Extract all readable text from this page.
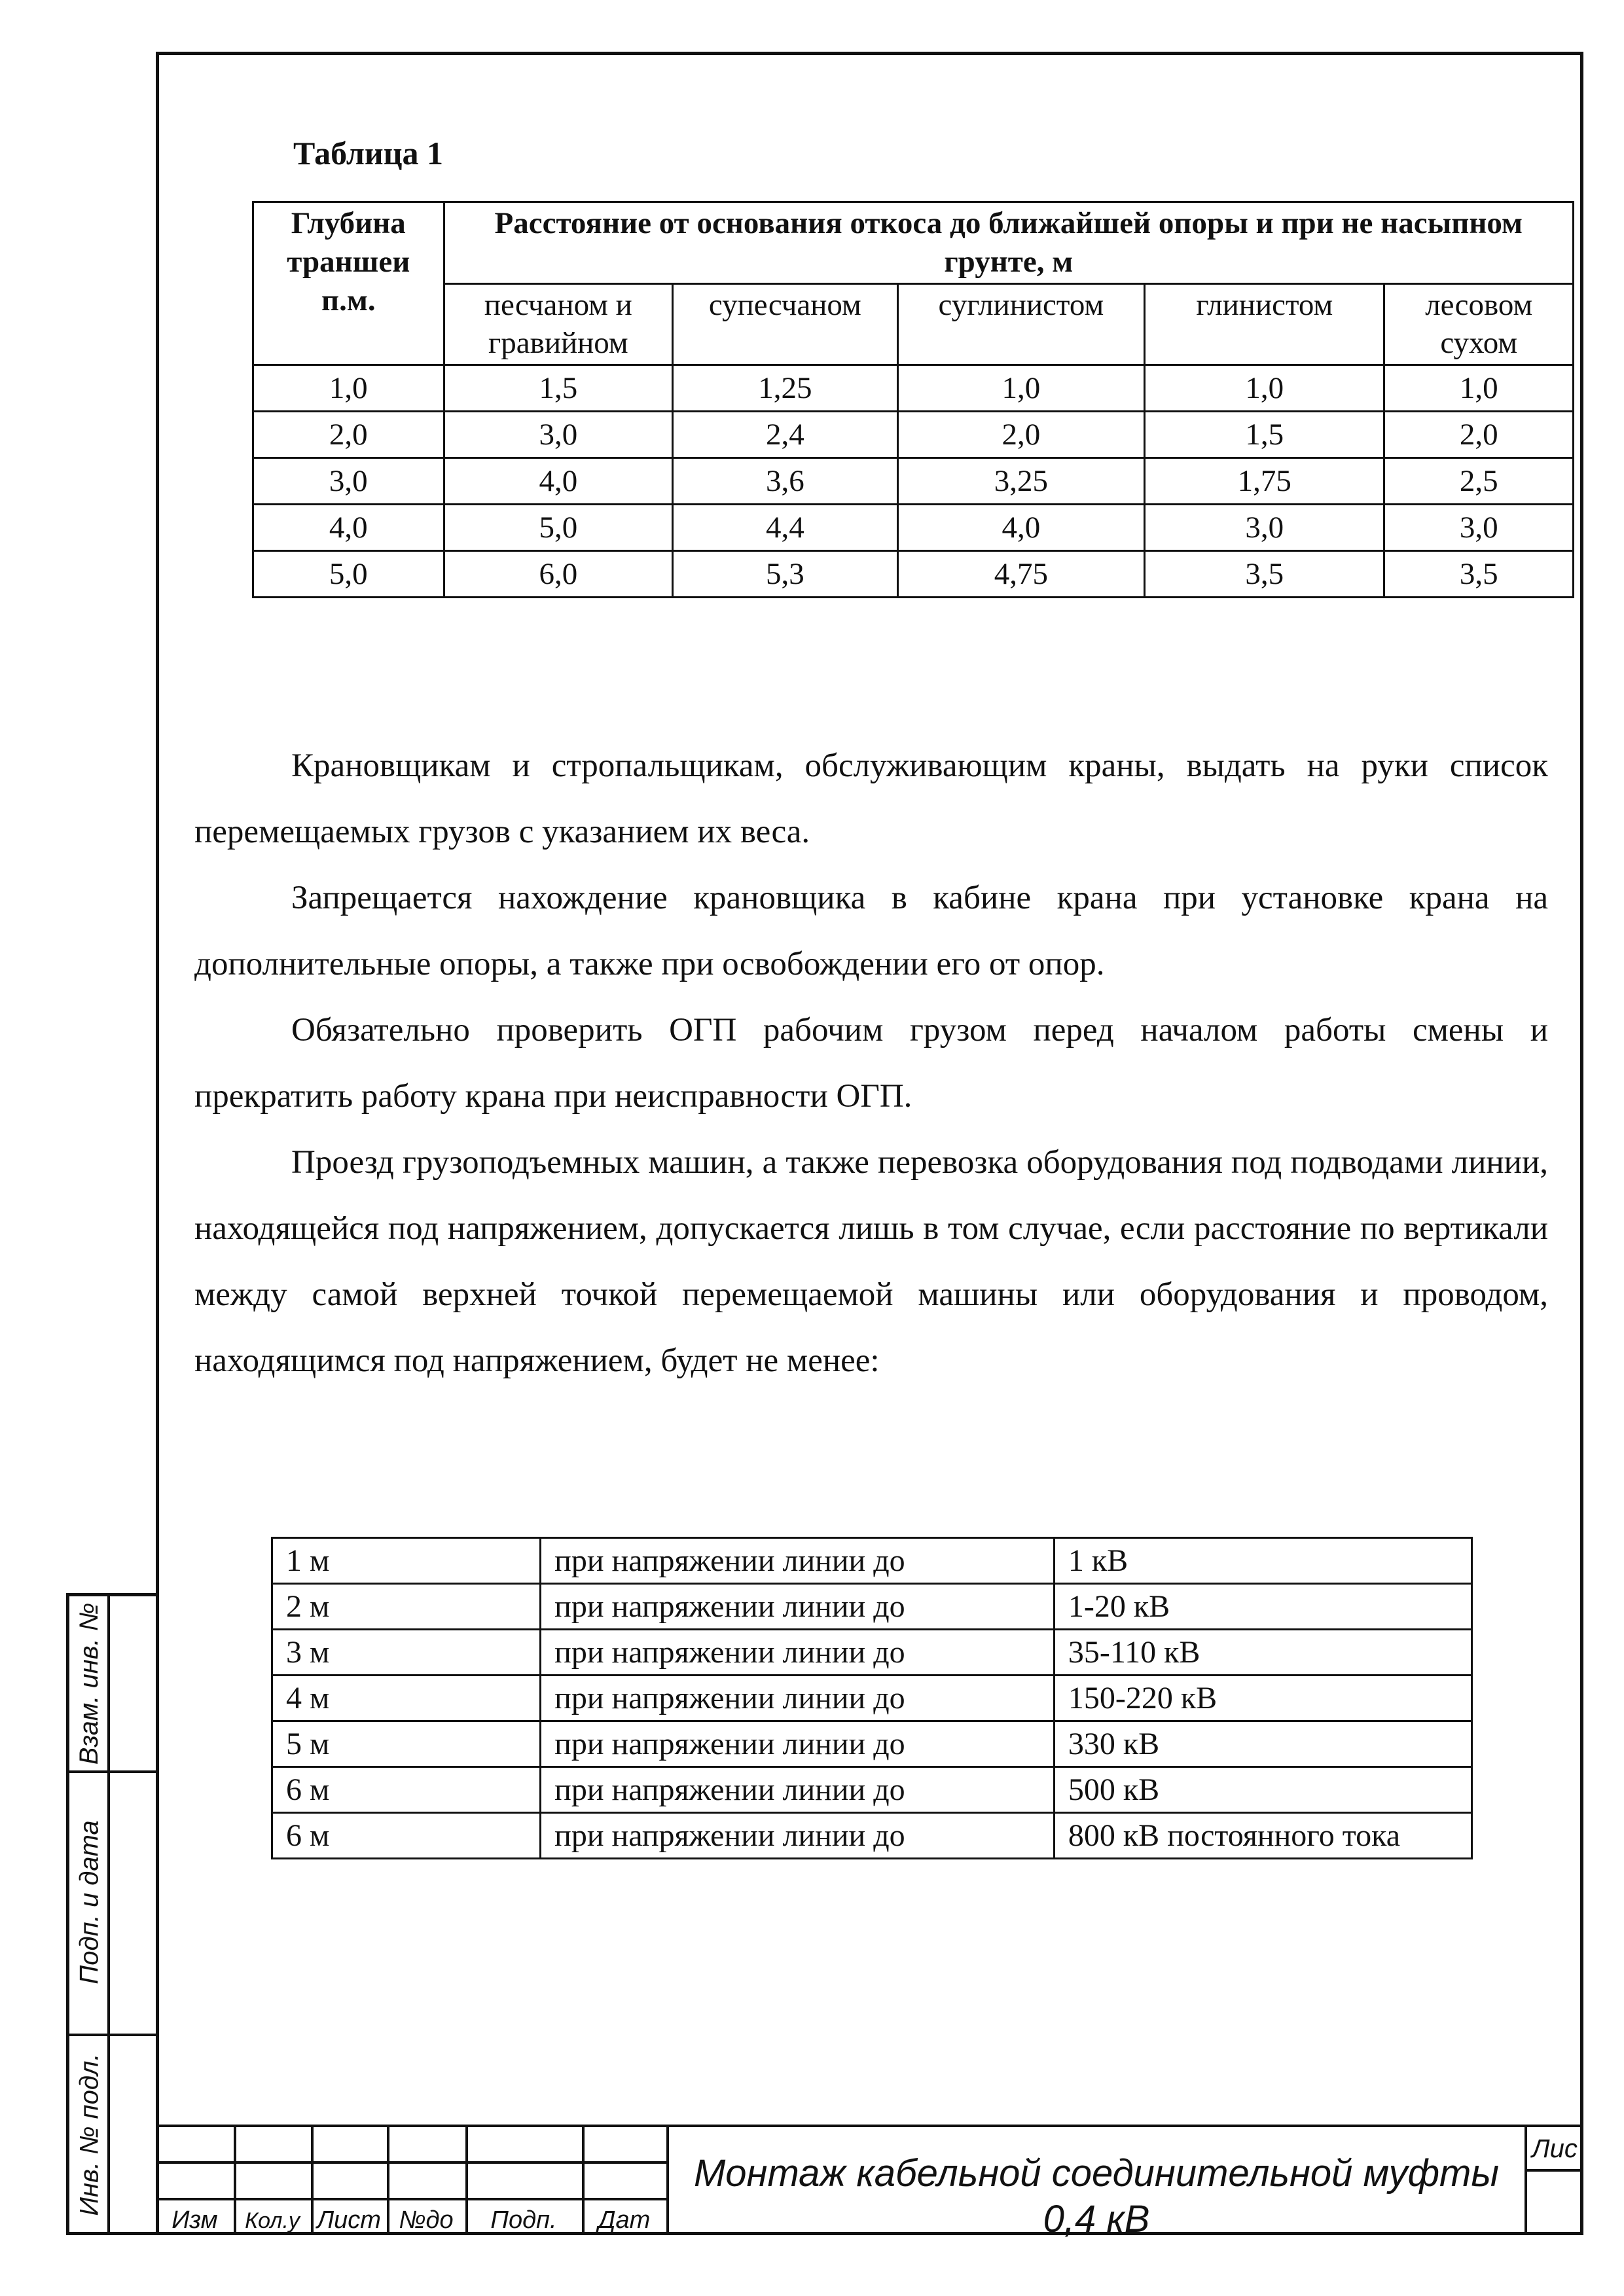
Взам. инв. №
Подп. и дата
Инв. № подл.
Таблица 1
Глубина траншеи п.м.	Расстояние от основания откоса до ближайшей опоры и при не насыпном грунте, м				
	песчаном и гравийном	супесчаном	суглинистом	глинистом	лесовом сухом
1,0	1,5	1,25	1,0	1,0	1,0
2,0	3,0	2,4	2,0	1,5	2,0
3,0	4,0	3,6	3,25	1,75	2,5
4,0	5,0	4,4	4,0	3,0	3,0
5,0	6,0	5,3	4,75	3,5	3,5

Крановщикам и стропальщикам, обслуживающим краны, выдать на руки список перемещаемых грузов с указанием их веса.

Запрещается нахождение крановщика в кабине крана при установке крана на дополнительные опоры, а также при освобождении его от опор.

Обязательно проверить ОГП рабочим грузом перед началом работы смены и прекратить работу крана при неисправности ОГП.

Проезд грузоподъемных машин, а также перевозка оборудования под подводами линии, находящейся под напряжением, допускается лишь в том случае, если расстояние по вертикали между самой верхней точкой перемещаемой машины или оборудования и проводом, находящимся под напряжением, будет не менее:

1 м	при напряжении линии до	1 кВ
2 м	при напряжении линии до	1-20 кВ
3 м	при напряжении линии до	35-110 кВ
4 м	при напряжении линии до	150-220 кВ
5 м	при напряжении линии до	330 кВ
6 м	при напряжении линии до	500 кВ
6 м	при напряжении линии до	800 кВ постоянного тока
Изм	Кол.у Лист №до	Подп.	Дат
Монтаж кабельной соединительной муфты
0,4 кВ
Лис
